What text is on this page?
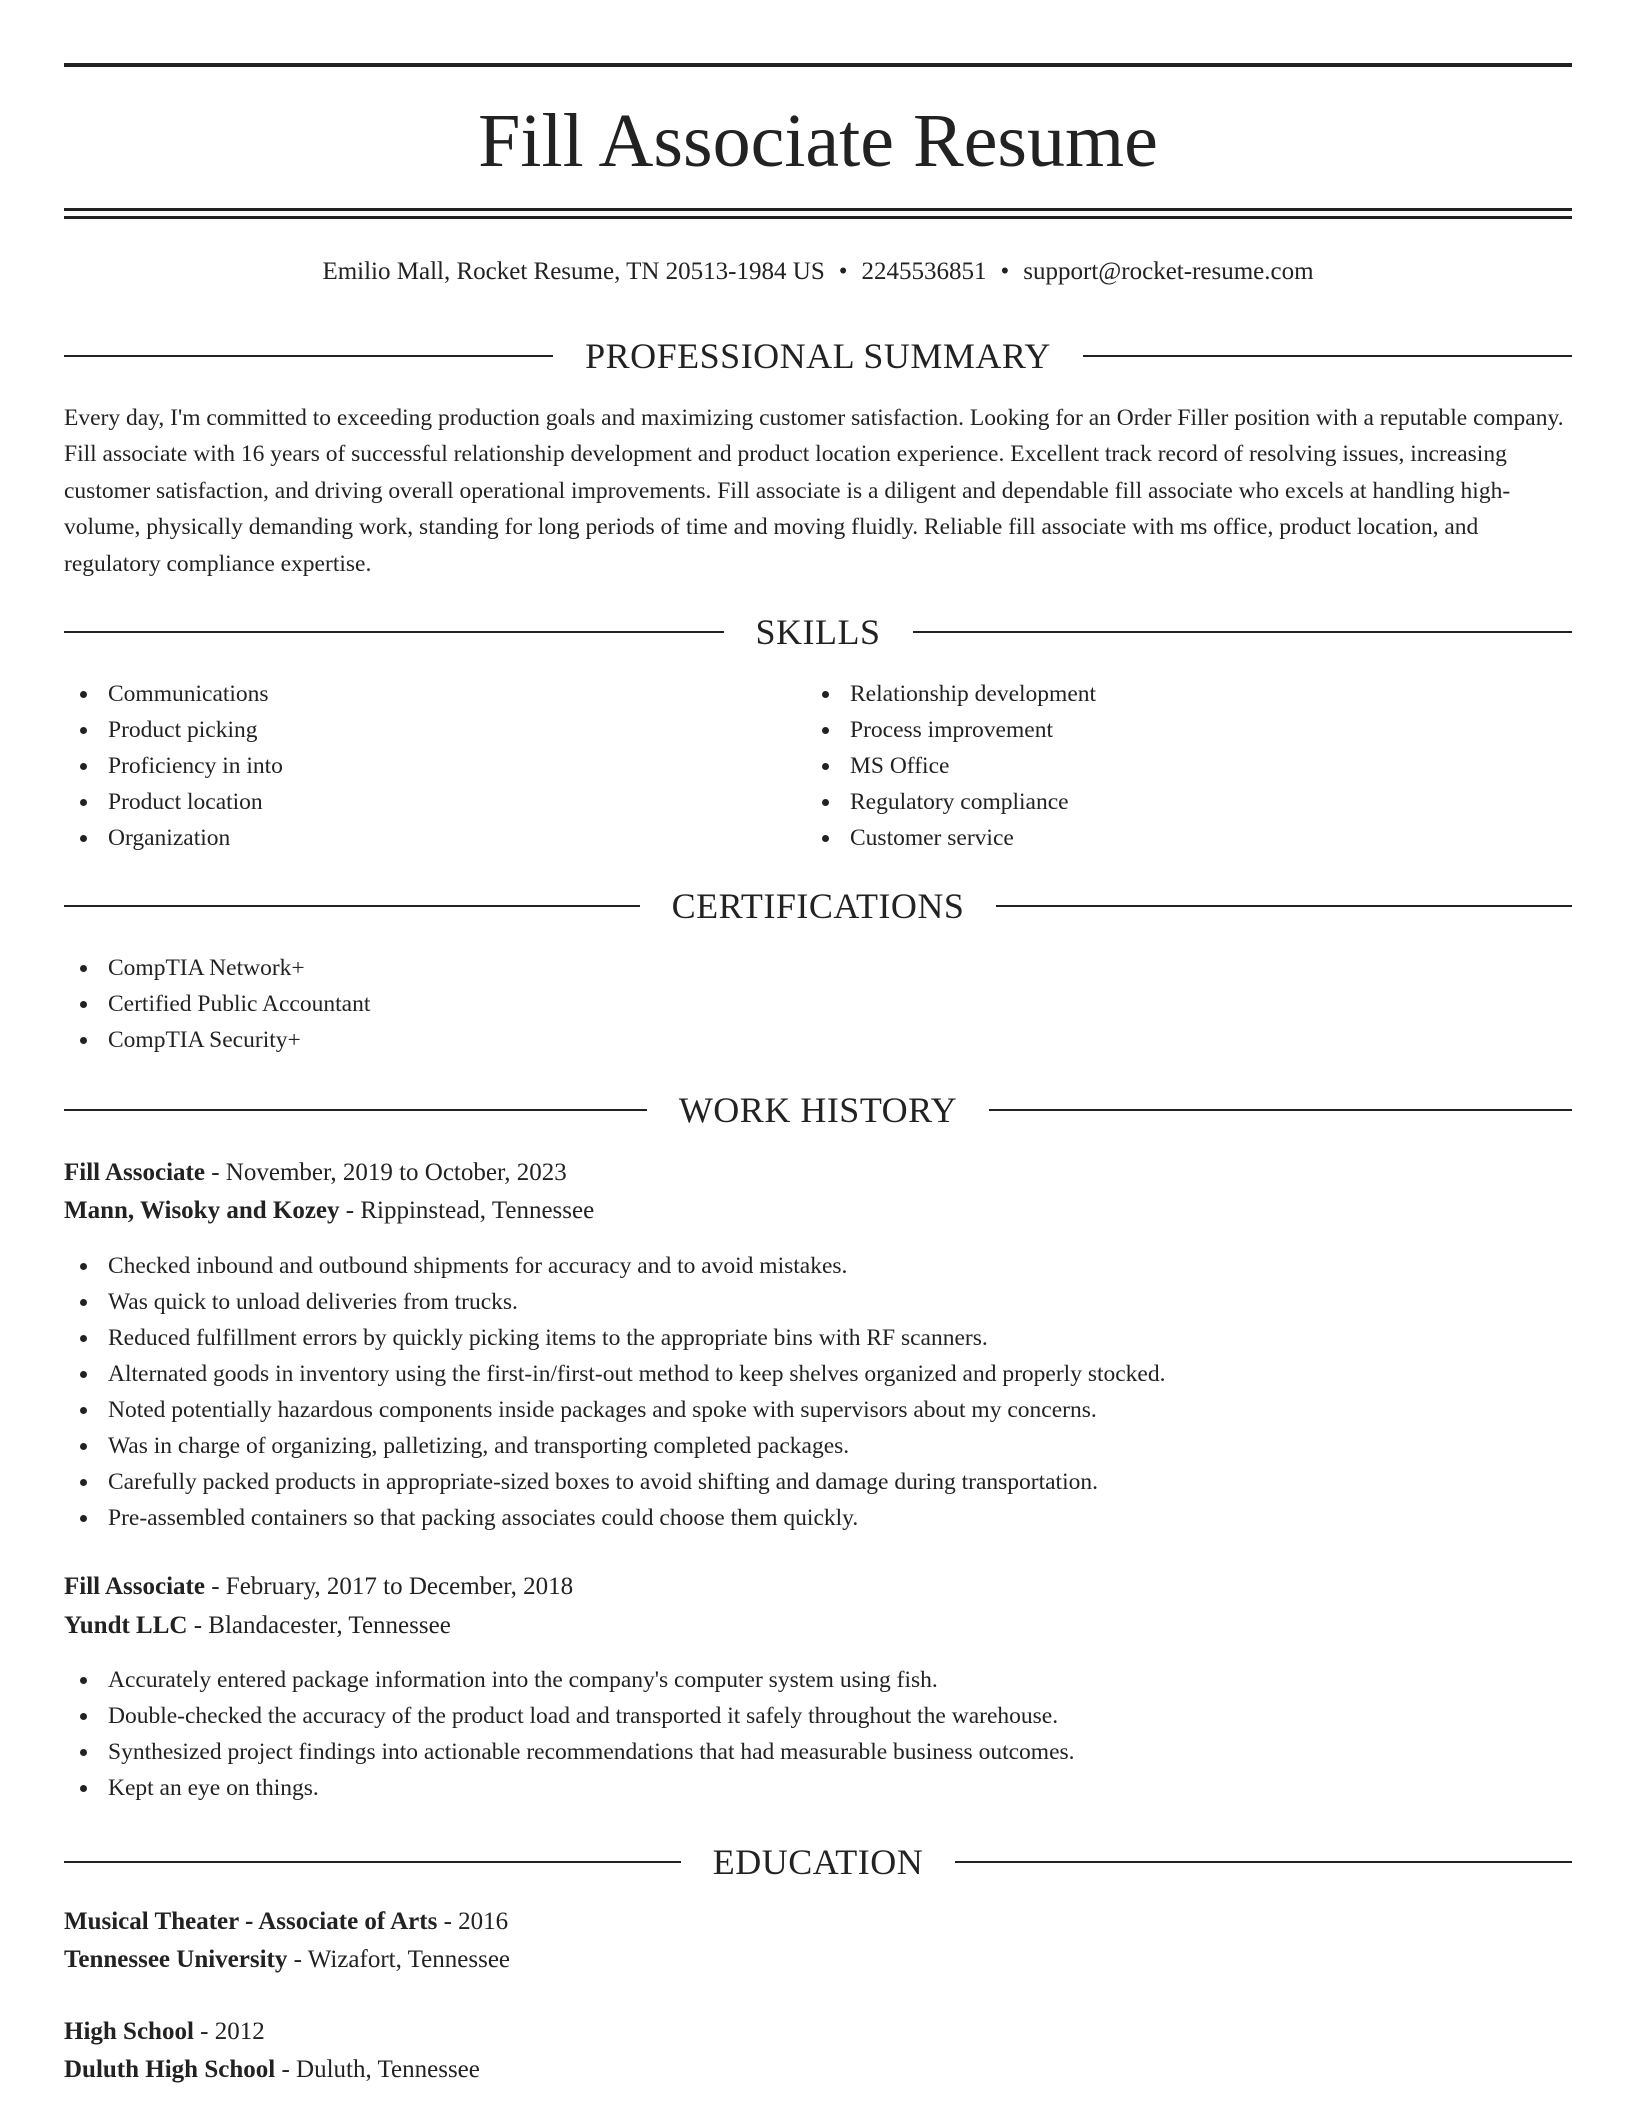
Fill Associate Resume
Emilio Mall, Rocket Resume, TN 20513-1984 US • 2245536851 • support@rocket-resume.com
PROFESSIONAL SUMMARY

Every day, I'm committed to exceeding production goals and maximizing customer satisfaction. Looking for an Order Filler position with a reputable company. Fill associate with 16 years of successful relationship development and product location experience. Excellent track record of resolving issues, increasing customer satisfaction, and driving overall operational improvements. Fill associate is a diligent and dependable fill associate who excels at handling high-volume, physically demanding work, standing for long periods of time and moving fluidly. Reliable fill associate with ms office, product location, and regulatory compliance expertise.

SKILLS
Communications
Product picking
Proficiency in into
Product location
Organization
Relationship development
Process improvement
MS Office
Regulatory compliance
Customer service
CERTIFICATIONS
CompTIA Network+
Certified Public Accountant
CompTIA Security+
WORK HISTORY
Fill Associate - November, 2019 to October, 2023
Mann, Wisoky and Kozey - Rippinstead, Tennessee
Checked inbound and outbound shipments for accuracy and to avoid mistakes.
Was quick to unload deliveries from trucks.
Reduced fulfillment errors by quickly picking items to the appropriate bins with RF scanners.
Alternated goods in inventory using the first-in/first-out method to keep shelves organized and properly stocked.
Noted potentially hazardous components inside packages and spoke with supervisors about my concerns.
Was in charge of organizing, palletizing, and transporting completed packages.
Carefully packed products in appropriate-sized boxes to avoid shifting and damage during transportation.
Pre-assembled containers so that packing associates could choose them quickly.
Fill Associate - February, 2017 to December, 2018
Yundt LLC - Blandacester, Tennessee
Accurately entered package information into the company's computer system using fish.
Double-checked the accuracy of the product load and transported it safely throughout the warehouse.
Synthesized project findings into actionable recommendations that had measurable business outcomes.
Kept an eye on things.
EDUCATION
Musical Theater - Associate of Arts - 2016
Tennessee University - Wizafort, Tennessee
High School - 2012
Duluth High School - Duluth, Tennessee
